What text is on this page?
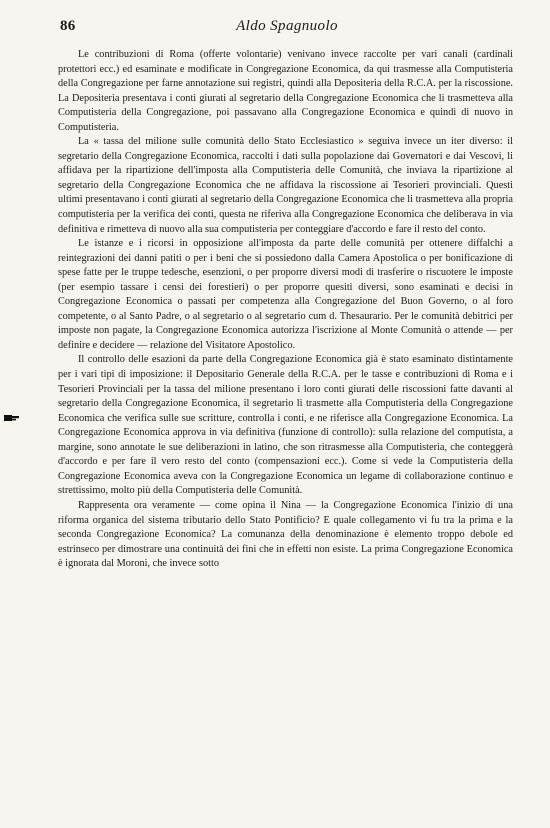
86	Aldo Spagnuolo

Le contribuzioni di Roma (offerte volontarie) venivano invece raccolte per vari canali (cardinali protettori ecc.) ed esaminate e modificate in Congregazione Economica, da qui trasmesse alla Computisteria della Congregazione per farne annotazione sui registri, quindi alla Depositeria della R.C.A. per la riscossione. La Depositeria presentava i conti giurati al segretario della Congregazione Economica che li trasmetteva alla Computisteria della Congregazione, poi passavano alla Congregazione Economica e quindi di nuovo in Computisteria.

La « tassa del milione sulle comunità dello Stato Ecclesiastico » seguiva invece un iter diverso: il segretario della Congregazione Economica, raccolti i dati sulla popolazione dai Governatori e dai Vescovi, li affidava per la ripartizione dell'imposta alla Computisteria delle Comunità, che inviava la ripartizione al segretario della Congregazione Economica che ne affidava la riscossione ai Tesorieri provinciali. Questi ultimi presentavano i conti giurati al segretario della Congregazione Economica che li trasmetteva alla propria computisteria per la verifica dei conti, questa ne riferiva alla Congregazione Economica che deliberava in via definitiva e rimetteva di nuovo alla sua computisteria per conteggiare d'accordo e fare il resto del conto.

Le istanze e i ricorsi in opposizione all'imposta da parte delle comunità per ottenere diffalchi a reintegrazioni dei danni patiti o per i beni che si possiedono dalla Camera Apostolica o per bonificazione di spese fatte per le truppe tedesche, esenzioni, o per proporre diversi modi di trasferire o riscuotere le imposte (per esempio tassare i censi dei forestieri) o per proporre quesiti diversi, sono esaminati e decisi in Congregazione Economica o passati per competenza alla Congregazione del Buon Governo, o al foro competente, o al Santo Padre, o al segretario o al segretario cum d. Thesaurario. Per le comunità debitrici per imposte non pagate, la Congregazione Economica autorizza l'iscrizione al Monte Comunità o attende — per definire e decidere — relazione del Visitatore Apostolico.

Il controllo delle esazioni da parte della Congregazione Economica già è stato esaminato distintamente per i vari tipi di imposizione: il Depositario Generale della R.C.A. per le tasse e contribuzioni di Roma e i Tesorieri Provinciali per la tassa del milione presentano i loro conti giurati delle riscossioni fatte davanti al segretario della Congregazione Economica, il segretario li trasmette alla Computisteria della Congregazione Economica che verifica sulle sue scritture, controlla i conti, e ne riferisce alla Congregazione Economica. La Congregazione Economica approva in via definitiva (funzione di controllo): sulla relazione del computista, a margine, sono annotate le sue deliberazioni in latino, che son ritrasmesse alla Computisteria, che conteggerà d'accordo e per fare il vero resto del conto (compensazioni ecc.). Come si vede la Computisteria della Congregazione Economica aveva con la Congregazione Economica un legame di collaborazione continuo e strettissimo, molto più della Computisteria delle Comunità.

Rappresenta ora veramente — come opina il Nina — la Congregazione Economica l'inizio di una riforma organica del sistema tributario dello Stato Pontificio? E quale collegamento vi fu tra la prima e la seconda Congregazione Economica? La comunanza della denominazione è elemento troppo debole ed estrinseco per dimostrare una continuità dei fini che in effetti non esiste. La prima Congregazione Economica è ignorata dal Moroni, che invece sotto
